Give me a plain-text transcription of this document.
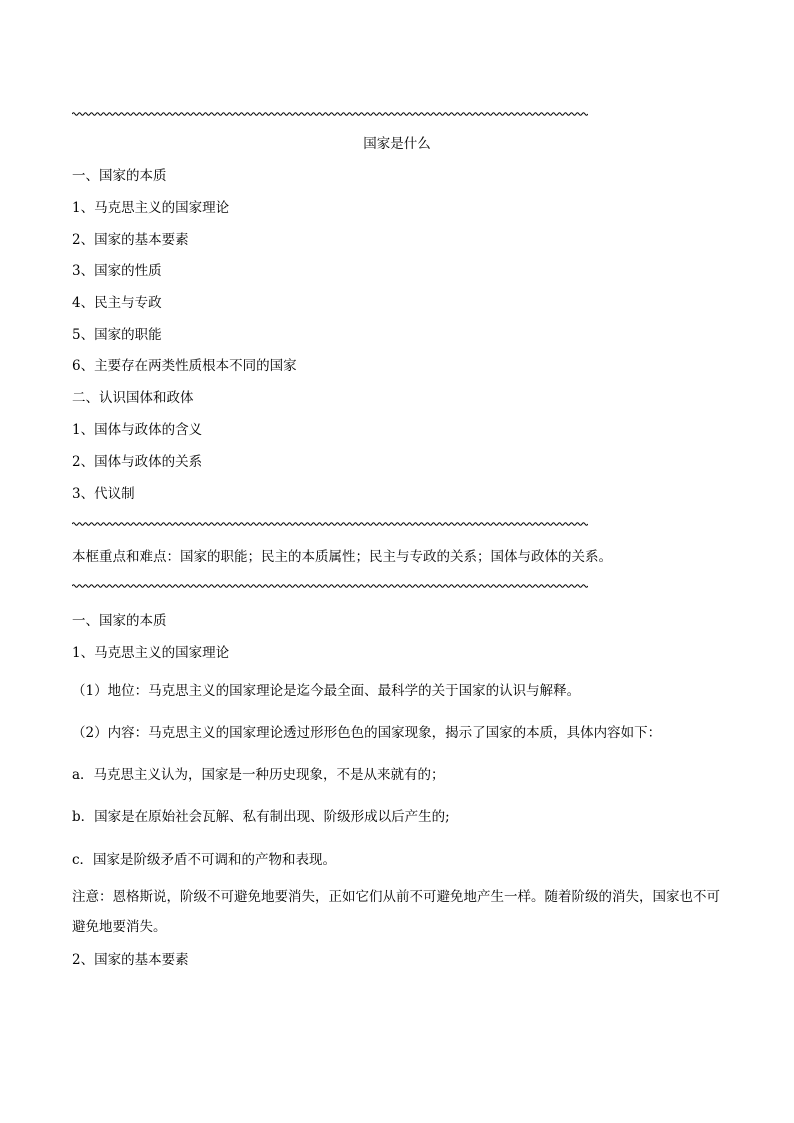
国家是什么
一、国家的本质
1、马克思主义的国家理论
2、国家的基本要素
3、国家的性质
4、民主与专政
5、国家的职能
6、主要存在两类性质根本不同的国家
二、认识国体和政体
1、国体与政体的含义
2、国体与政体的关系
3、代议制
本框重点和难点：国家的职能；民主的本质属性；民主与专政的关系；国体与政体的关系。
一、国家的本质
1、马克思主义的国家理论
（1）地位：马克思主义的国家理论是迄今最全面、最科学的关于国家的认识与解释。
（2）内容：马克思主义的国家理论透过形形色色的国家现象，揭示了国家的本质，具体内容如下：
a．马克思主义认为，国家是一种历史现象，不是从来就有的；
b．国家是在原始社会瓦解、私有制出现、阶级形成以后产生的;
c．国家是阶级矛盾不可调和的产物和表现。
注意：恩格斯说，阶级不可避免地要消失，正如它们从前不可避免地产生一样。随着阶级的消失，国家也不可避免地要消失。
2、国家的基本要素
